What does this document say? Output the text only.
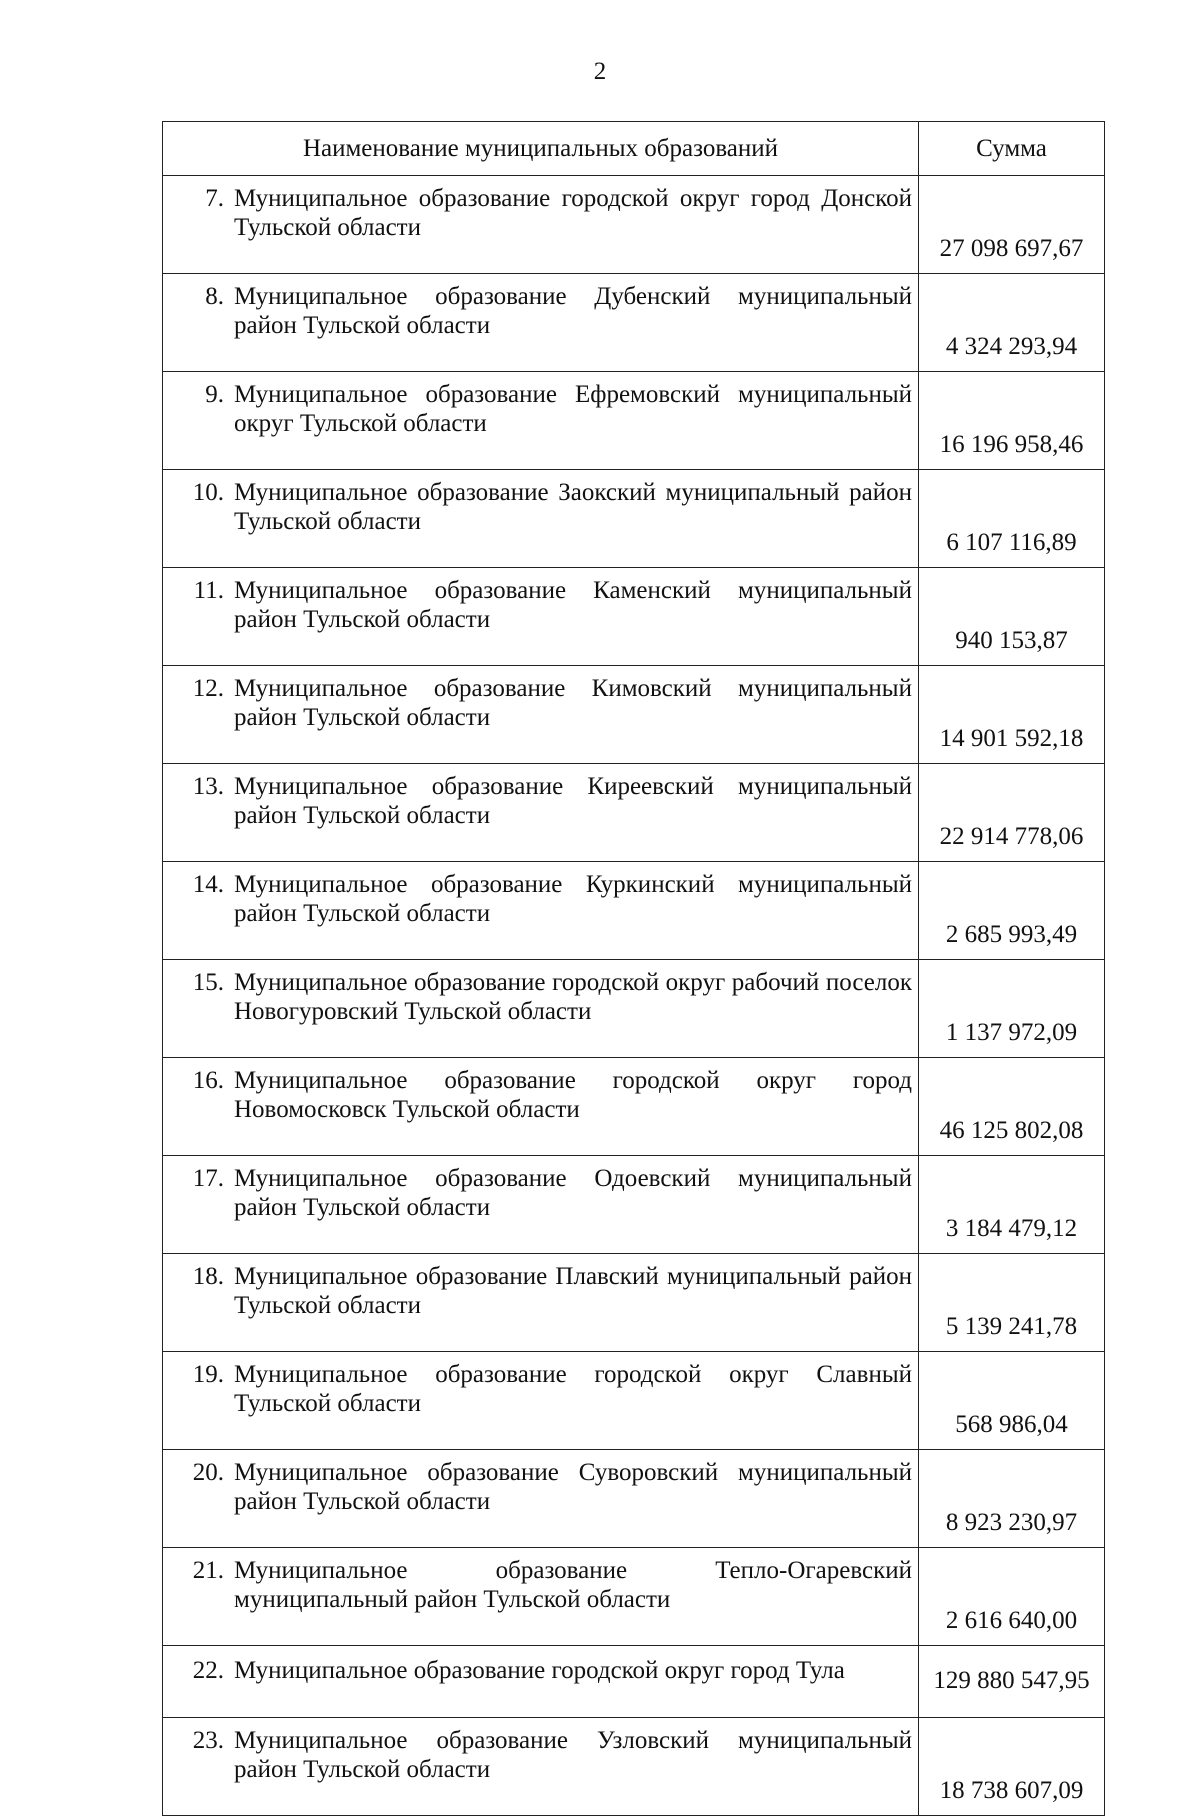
2
Наименование муниципальных образований	Сумма

7. Муниципальное образование городской округ город Донской Тульской области	27 098 697,67

8. Муниципальное образование Дубенский муниципальный район Тульской области	4 324 293,94

9. Муниципальное образование Ефремовский муниципальный округ Тульской области	16 196 958,46

10. Муниципальное образование Заокский муниципальный район Тульской области	6 107 116,89

11. Муниципальное образование Каменский муниципальный район Тульской области	940 153,87

12. Муниципальное образование Кимовский муниципальный район Тульской области	14 901 592,18

13. Муниципальное образование Киреевский муниципальный район Тульской области	22 914 778,06

14. Муниципальное образование Куркинский муниципальный район Тульской области	2 685 993,49

15. Муниципальное образование городской округ рабочий поселок Новогуровский Тульской области	1 137 972,09

16. Муниципальное образование городской округ город Новомосковск Тульской области	46 125 802,08

17. Муниципальное образование Одоевский муниципальный район Тульской области	3 184 479,12

18. Муниципальное образование Плавский муниципальный район Тульской области	5 139 241,78

19. Муниципальное образование городской округ Славный Тульской области	568 986,04

20. Муниципальное образование Суворовский муниципальный район Тульской области	8 923 230,97

21. Муниципальное образование Тепло-Огаревский муниципальный район Тульской области	2 616 640,00

22. Муниципальное образование городской округ город Тула	129 880 547,95

23. Муниципальное образование Узловский муниципальный район Тульской области	18 738 607,09
